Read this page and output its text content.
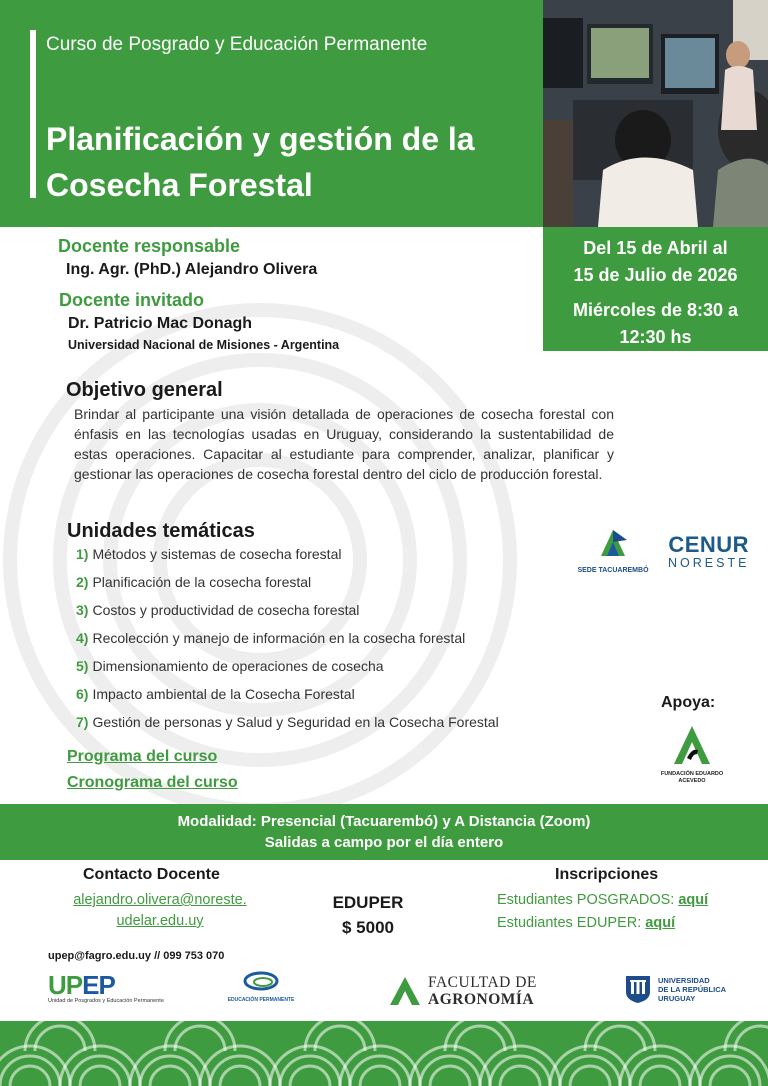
Curso de Posgrado y Educación Permanente
Planificación y gestión de la Cosecha Forestal
Del 15 de Abril al
15 de Julio de 2026
Miércoles de 8:30 a
12:30 hs
Docente responsable
Ing. Agr. (PhD.) Alejandro Olivera
Docente invitado
Dr. Patricio Mac Donagh
Universidad Nacional de Misiones - Argentina
Objetivo general
Brindar al participante una visión detallada de operaciones de cosecha forestal con énfasis en las tecnologías usadas en Uruguay, considerando la sustentabilidad de estas operaciones. Capacitar al estudiante para comprender, analizar, planificar y gestionar las operaciones de cosecha forestal dentro del ciclo de producción forestal.
Unidades temáticas
1) Métodos y sistemas de cosecha forestal
2) Planificación de la cosecha forestal
3) Costos y productividad de cosecha forestal
4) Recolección y manejo de información en la cosecha forestal
5) Dimensionamiento de operaciones de cosecha
6) Impacto ambiental de la Cosecha Forestal
7) Gestión de personas y Salud y Seguridad en la Cosecha Forestal
Programa del curso
Cronograma del curso
SEDE TACUAREMBÓ
CENUR
NORESTE
Apoya:
FUNDACIÓN EDUARDO ACEVEDO
Modalidad: Presencial (Tacuarembó) y A Distancia (Zoom)
Salidas a campo por el día entero
Contacto Docente
alejandro.olivera@noreste.
udelar.edu.uy
EDUPER
$ 5000
Inscripciones
Estudiantes POSGRADOS: aquí
Estudiantes EDUPER: aquí
upep@fagro.edu.uy // 099 753 070
UPEP
Unidad de Posgrados y Educación Permanente	EDUCACIÓN PERMANENTE
FACULTAD DE
AGRONOMÍA
UNIVERSIDAD
DE LA REPÚBLICA
URUGUAY
